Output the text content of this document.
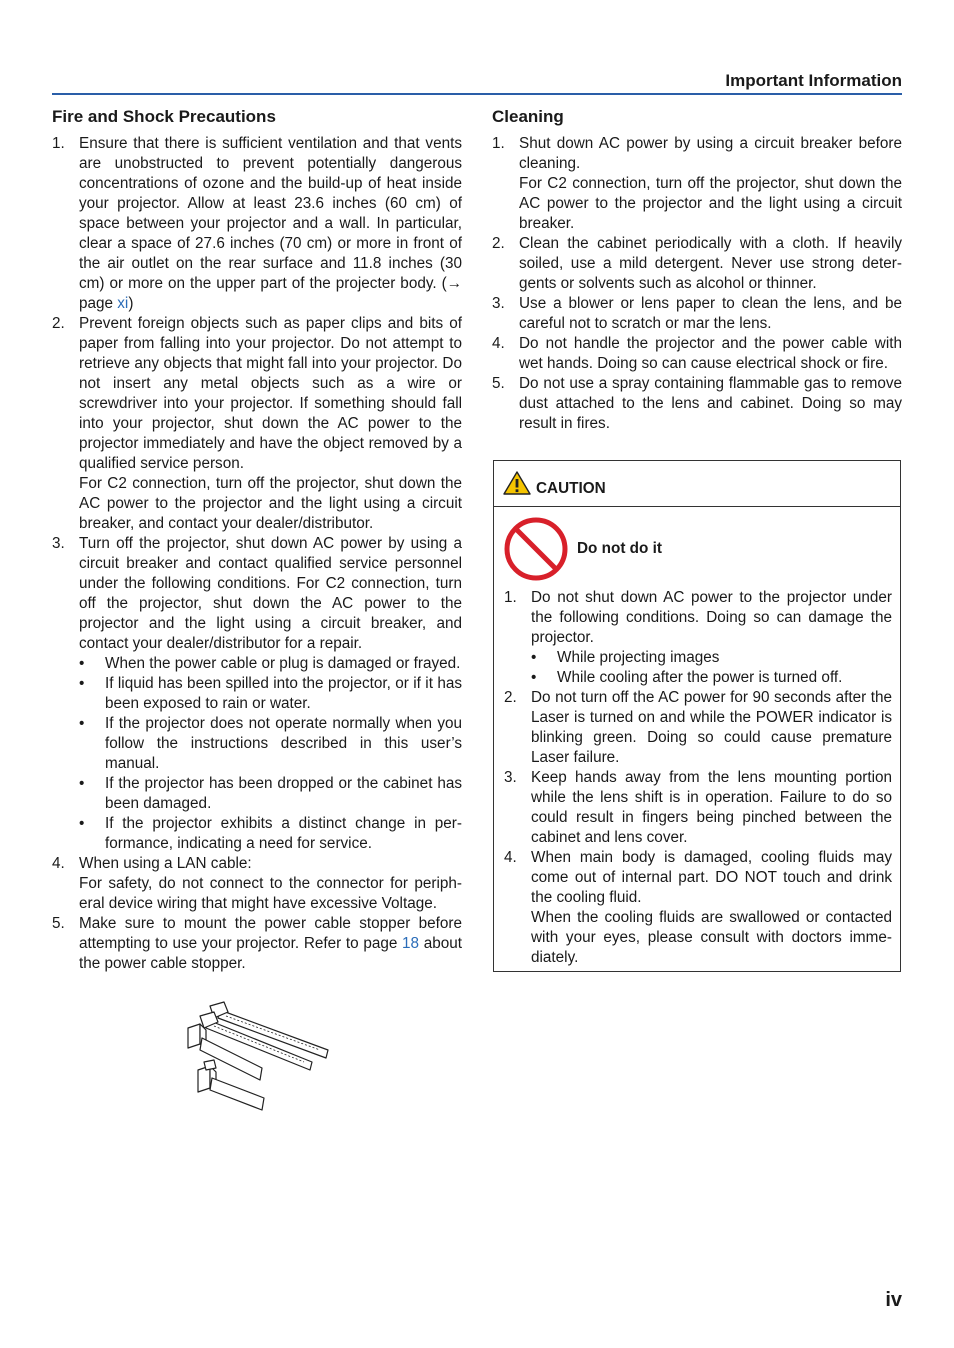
Important Information
Fire and Shock Precautions
1. Ensure that there is sufficient ventilation and that vents are unobstructed to prevent potentially dangerous concentrations of ozone and the build-up of heat inside your projector. Allow at least 23.6 inches (60 cm) of space between your projector and a wall. In particular, clear a space of 27.6 inches (70 cm) or more in front of the air outlet on the rear surface and 11.8 inches (30 cm) or more on the upper part of the projecter body. (→ page xi)
2. Prevent foreign objects such as paper clips and bits of paper from falling into your projector. Do not attempt to retrieve any objects that might fall into your projector. Do not insert any metal objects such as a wire or screwdriver into your projector. If something should fall into your projector, shut down the AC power to the projector immediately and have the object removed by a qualified service person.

For C2 connection, turn off the projector, shut down the AC power to the projector and the light using a circuit breaker, and contact your dealer/distributor.

3. Turn off the projector, shut down AC power by using a circuit breaker and contact qualified service personnel under the following conditions. For C2 connection, turn off the projector, shut down the AC power to the projector and the light using a circuit breaker, and contact your dealer/distributor for a repair.

• When the power cable or plug is damaged or frayed.
• If liquid has been spilled into the projector, or if it has been exposed to rain or water.
• If the projector does not operate normally when you follow the instructions described in this user’s manual.
• If the projector has been dropped or the cabinet has been damaged.
• If the projector exhibits a distinct change in performance, indicating a need for service.
4. When using a LAN cable:

For safety, do not connect to the connector for peripheral device wiring that might have excessive Voltage.

5. Make sure to mount the power cable stopper before attempting to use your projector. Refer to page 18 about the power cable stopper.
Cleaning
1. Shut down AC power by using a circuit breaker before cleaning.

For C2 connection, turn off the projector, shut down the AC power to the projector and the light using a circuit breaker.

2. Clean the cabinet periodically with a cloth. If heavily soiled, use a mild detergent. Never use strong detergents or solvents such as alcohol or thinner.
3. Use a blower or lens paper to clean the lens, and be careful not to scratch or mar the lens.
4. Do not handle the projector and the power cable with wet hands. Doing so can cause electrical shock or fire.
5. Do not use a spray containing flammable gas to remove dust attached to the lens and cabinet. Doing so may result in fires.
CAUTION
Do not do it
1. Do not shut down AC power to the projector under the following conditions. Doing so can damage the projector.

• While projecting images
• While cooling after the power is turned off.
2. Do not turn off the AC power for 90 seconds after the Laser is turned on and while the POWER indicator is blinking green. Doing so could cause premature Laser failure.
3. Keep hands away from the lens mounting portion while the lens shift is in operation. Failure to do so could result in fingers being pinched between the cabinet and lens cover.
4. When main body is damaged, cooling fluids may come out of internal part. DO NOT touch and drink the cooling fluid.

When the cooling fluids are swallowed or contacted with your eyes, please consult with doctors immediately.

iv
